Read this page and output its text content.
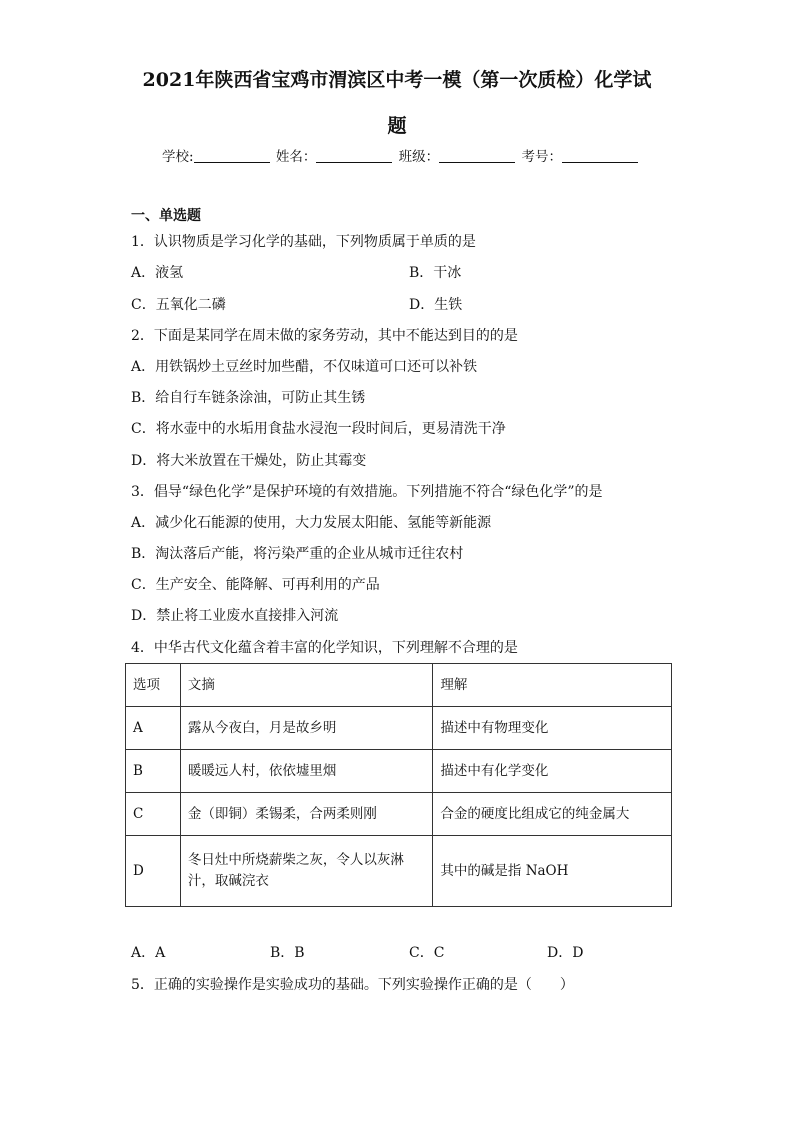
2021年陕西省宝鸡市渭滨区中考一模（第一次质检）化学试
题
学校:	姓名：	班级：	考号：
一、单选题
1．认识物质是学习化学的基础，下列物质属于单质的是
A．液氢	B．干冰
C．五氧化二磷	D．生铁
2．下面是某同学在周末做的家务劳动，其中不能达到目的的是
A．用铁锅炒土豆丝时加些醋，不仅味道可口还可以补铁
B．给自行车链条涂油，可防止其生锈
C．将水壶中的水垢用食盐水浸泡一段时间后，更易清洗干净
D．将大米放置在干燥处，防止其霉变
3．倡导“绿色化学”是保护环境的有效措施。下列措施不符合“绿色化学”的是
A．减少化石能源的使用，大力发展太阳能、氢能等新能源
B．淘汰落后产能，将污染严重的企业从城市迁往农村
C．生产安全、能降解、可再利用的产品
D．禁止将工业废水直接排入河流
4．中华古代文化蕴含着丰富的化学知识，下列理解不合理的是
选项	文摘	理解
A	露从今夜白，月是故乡明	描述中有物理变化
B	暖暖远人村，依依墟里烟	描述中有化学变化
C	金（即铜）柔锡柔，合两柔则刚	合金的硬度比组成它的纯金属大
D	冬日灶中所烧薪柴之灰，令人以灰淋汁，取碱浣衣	其中的碱是指 NaOH
A．A	B．B	C．C	D．D
5．正确的实验操作是实验成功的基础。下列实验操作正确的是（　　）
